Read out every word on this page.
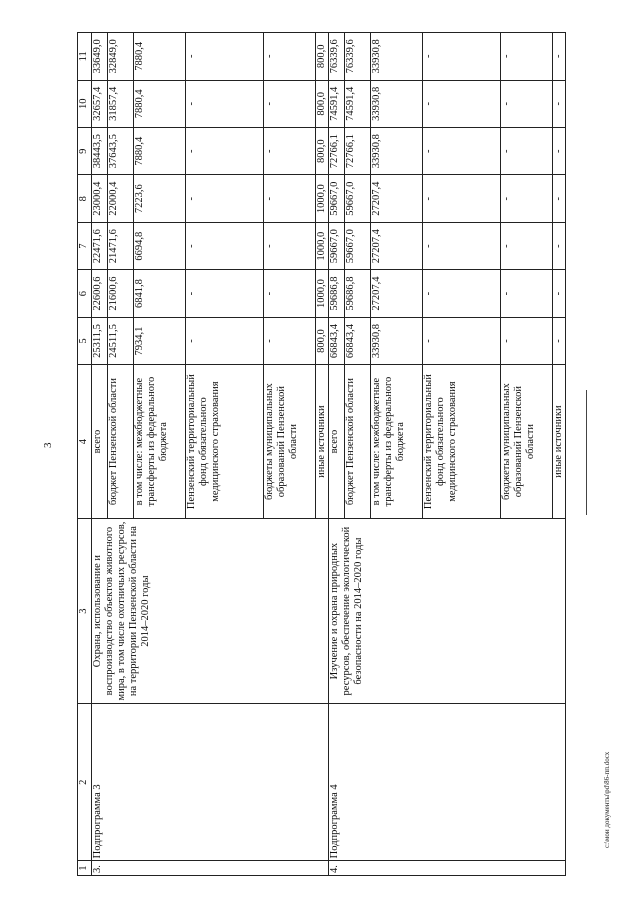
3
c:\мои документы\pd\86-пп.docx
1	2	3	4	5	6	7	8	9	10	11
3.	Подпрограмма 3	Охрана, использование и воспроизводство объектов животного мира, в том числе охотничьих ресурсов, на территории Пензенской области на 2014–2020 годы	всего	25311,5	22600,6	22471,6	23000,4	38443,5	32657,4	33649,0
			бюджет Пензенской области	24511,5	21600,6	21471,6	22000,4	37643,5	31857,4	32849,0
			в том числе: межбюджетные трансферты из федерального бюджета	7934,1	6841,8	6694,8	7223,6	7880,4	7880,4	7880,4
			Пензенский территориальный фонд обязательного медицинского страхования	-	-	-	-	-	-	-
			бюджеты муниципальных образований Пензенской области	-	-	-	-	-	-	-
			иные источники	800,0	1000,0	1000,0	1000,0	800,0	800,0	800,0
4.	Подпрограмма 4	Изучение и охрана природных ресурсов, обеспечение экологической безопасности на 2014–2020 годы	всего	66843,4	59686,8	59667,0	59667,0	72766,1	74591,4	76339,6
			бюджет Пензенской области	66843,4	59686,8	59667,0	59667,0	72766,1	74591,4	76339,6
			в том числе: межбюджетные трансферты из федерального бюджета	33930,8	27207,4	27207,4	27207,4	33930,8	33930,8	33930,8
			Пензенский территориальный фонд обязательного медицинского страхования	-	-	-	-	-	-	-
			бюджеты муниципальных образований Пензенской области	-	-	-	-	-	-	-
			иные источники	-	-	-	-	-	-	-
